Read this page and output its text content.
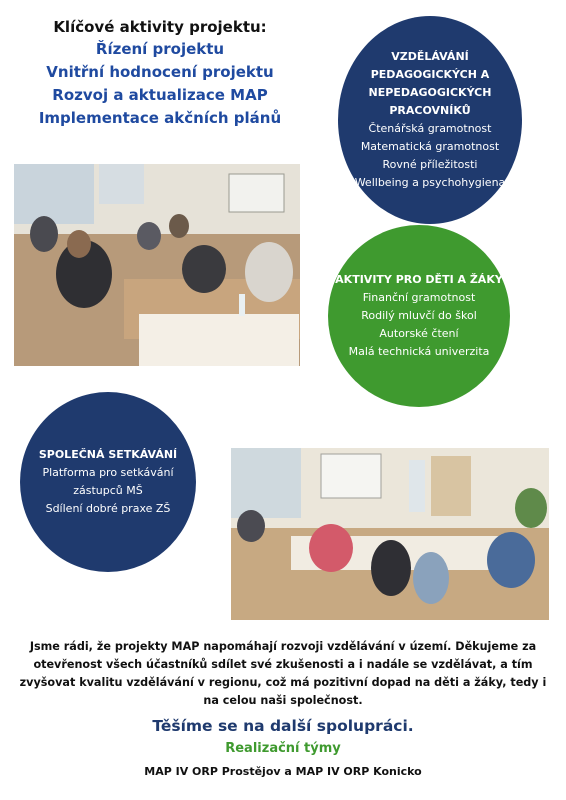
Klíčové aktivity projektu:
Řízení projektu
Vnitřní hodnocení projektu
Rozvoj a aktualizace MAP
Implementace akčních plánů
VZDĚLÁVÁNÍ
PEDAGOGICKÝCH A
NEPEDAGOGICKÝCH
PRACOVNÍKŮ
Čtenářská gramotnost
Matematická gramotnost
Rovné příležitosti
Wellbeing a psychohygiena
AKTIVITY PRO DĚTI A ŽÁKY
Finanční gramotnost
Rodilý mluvčí do škol
Autorské čtení
Malá technická univerzita
SPOLEČNÁ SETKÁVÁNÍ
Platforma pro setkávání
zástupců MŠ
Sdílení dobré praxe ZŠ
Jsme rádi, že projekty MAP napomáhají rozvoji vzdělávání v území. Děkujeme za otevřenost všech účastníků sdílet své zkušenosti a i nadále se vzdělávat, a tím zvyšovat kvalitu vzdělávání v regionu, což má pozitivní dopad na děti a žáky, tedy i na celou naši společnost.
Těšíme se na další spolupráci.
Realizační týmy
MAP IV ORP Prostějov a MAP IV ORP Konicko
